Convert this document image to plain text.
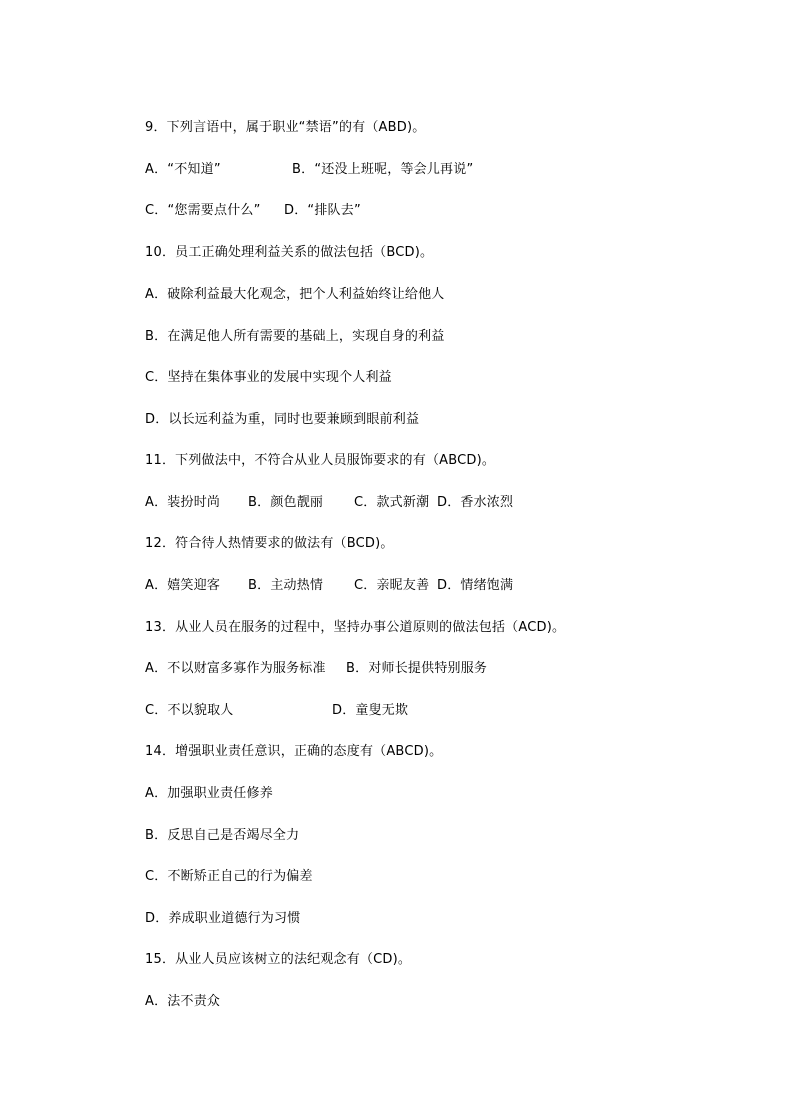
9．下列言语中，属于职业“禁语”的有（ABD)。

A．“不知道”

	B．“还没上班呢，等会儿再说”

C．“您需要点什么”

D．“排队去”

10．员工正确处理利益关系的做法包括（BCD)。
A．破除利益最大化观念，把个人利益始终让给他人
B．在满足他人所有需要的基础上，实现自身的利益
C．坚持在集体事业的发展中实现个人利益
D．以长远利益为重，同时也要兼顾到眼前利益
11．下列做法中，不符合从业人员服饰要求的有（ABCD)。

A．装扮时尚

B．颜色靓丽

C．款式新潮

D．香水浓烈

12．符合待人热情要求的做法有（BCD)。

A．嬉笑迎客

B．主动热情

C．亲昵友善

D．情绪饱满

13．从业人员在服务的过程中，坚持办事公道原则的做法包括（ACD)。

A．不以财富多寡作为服务标准

B．对师长提供特别服务

C．不以貌取人

	D．童叟无欺

14．增强职业责任意识，正确的态度有（ABCD)。
A．加强职业责任修养
B．反思自己是否竭尽全力
C．不断矫正自己的行为偏差
D．养成职业道德行为习惯
15．从业人员应该树立的法纪观念有（CD)。
A．法不责众
